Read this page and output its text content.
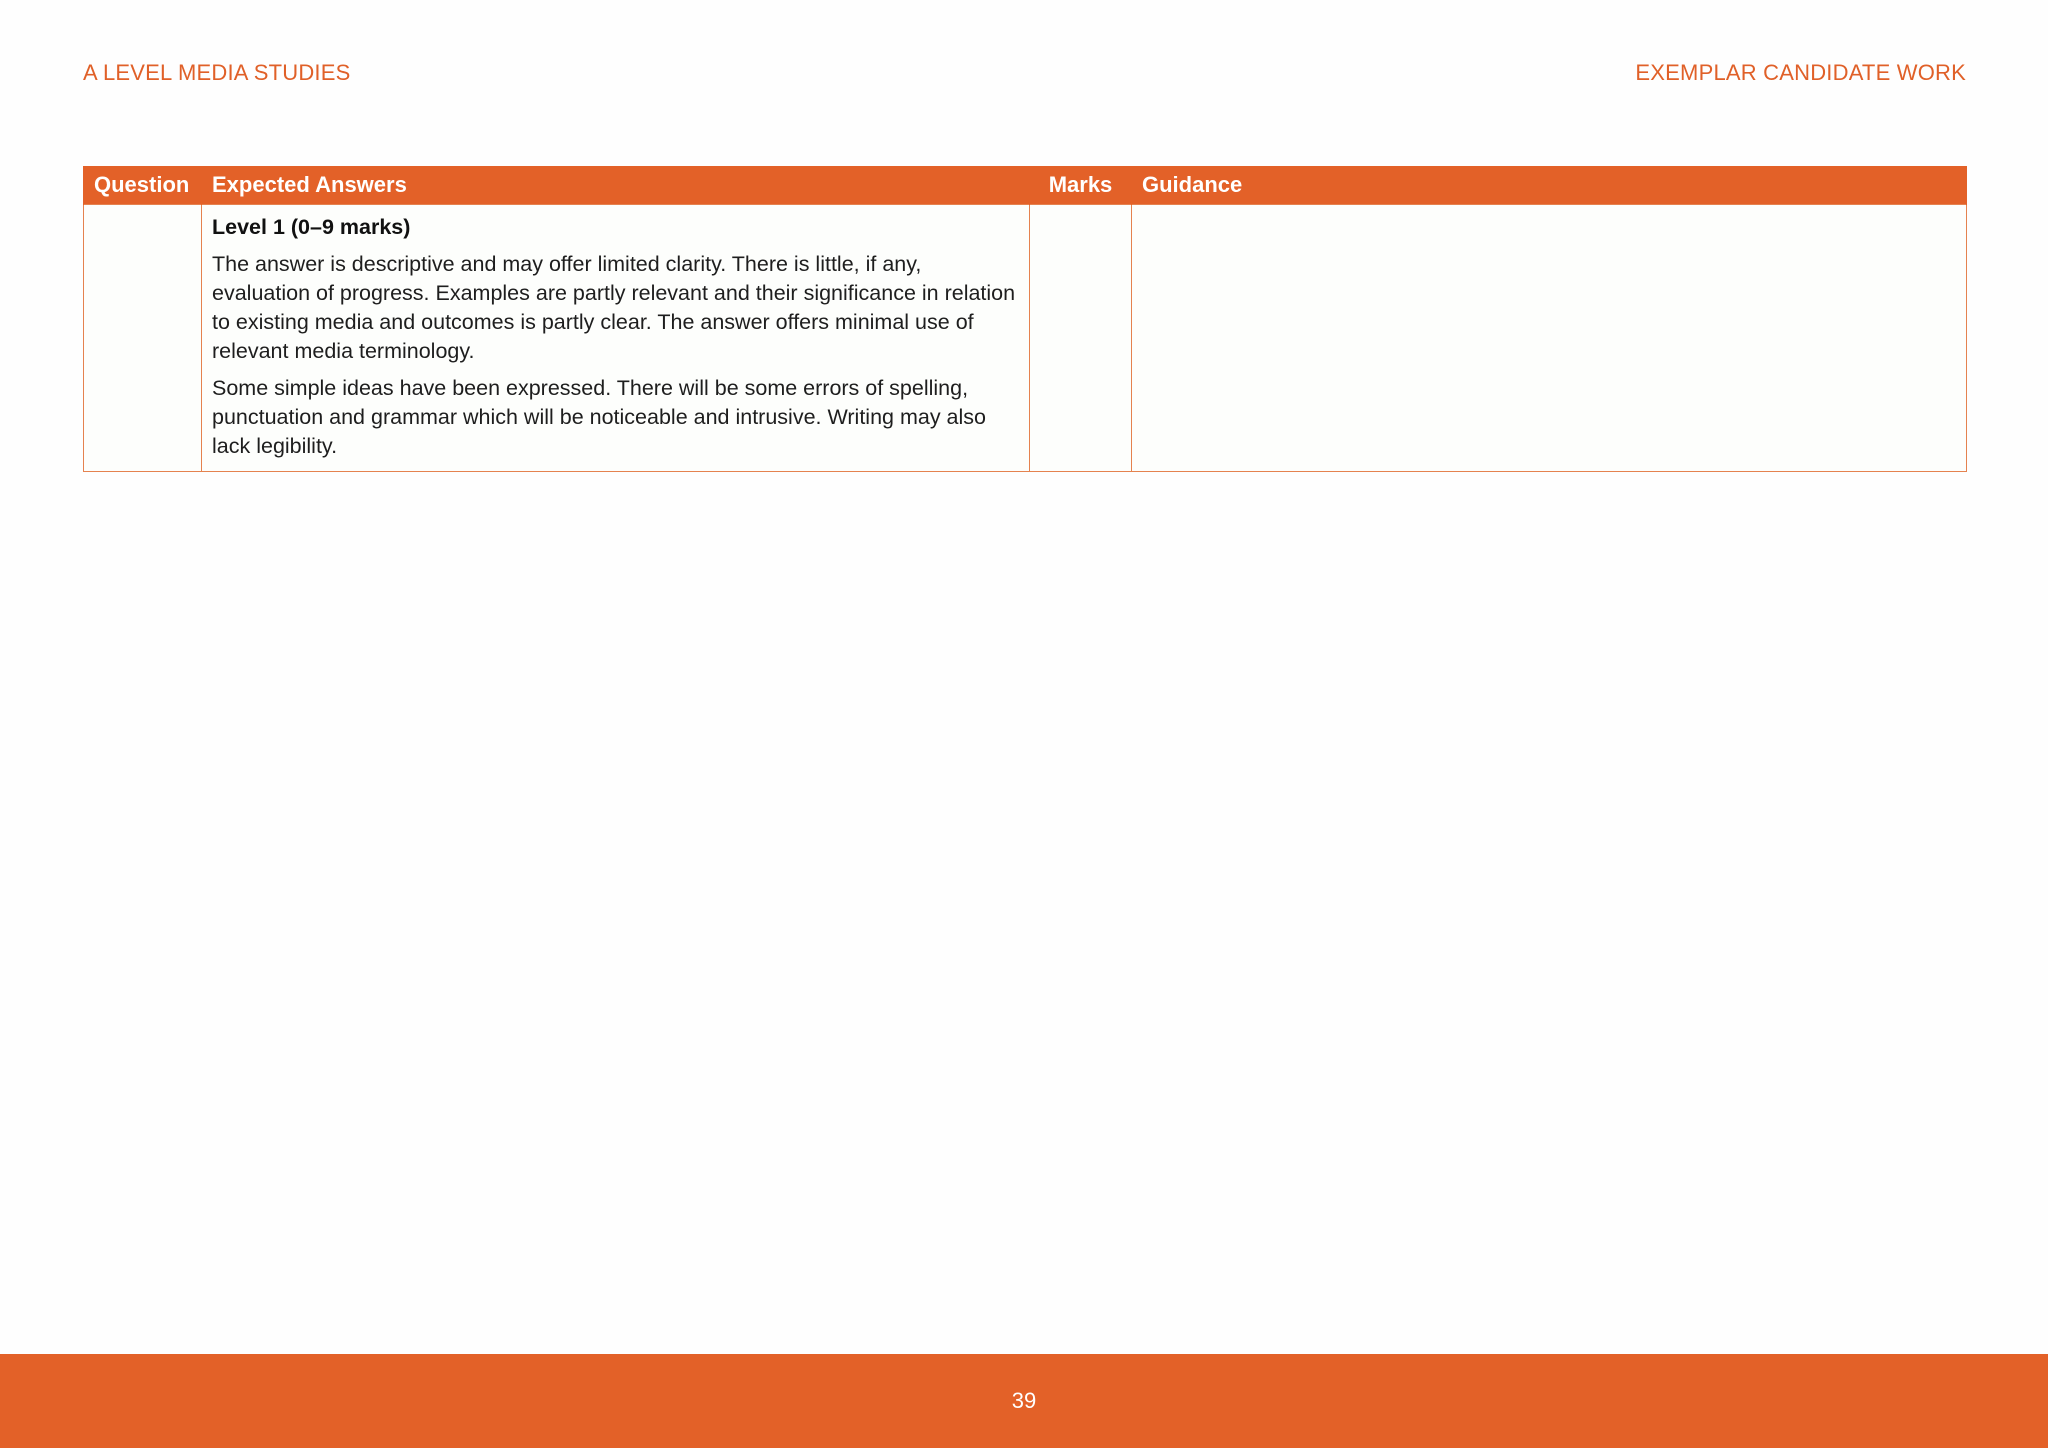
A LEVEL MEDIA STUDIES	EXEMPLAR CANDIDATE WORK
Question	Expected Answers	Marks	Guidance

	Level 1 (0–9 marks)

The answer is descriptive and may offer limited clarity. There is little, if any, evaluation of progress. Examples are partly relevant and their significance in relation to existing media and outcomes is partly clear. The answer offers minimal use of relevant media terminology.

Some simple ideas have been expressed. There will be some errors of spelling, punctuation and grammar which will be noticeable and intrusive. Writing may also lack legibility.		

39
